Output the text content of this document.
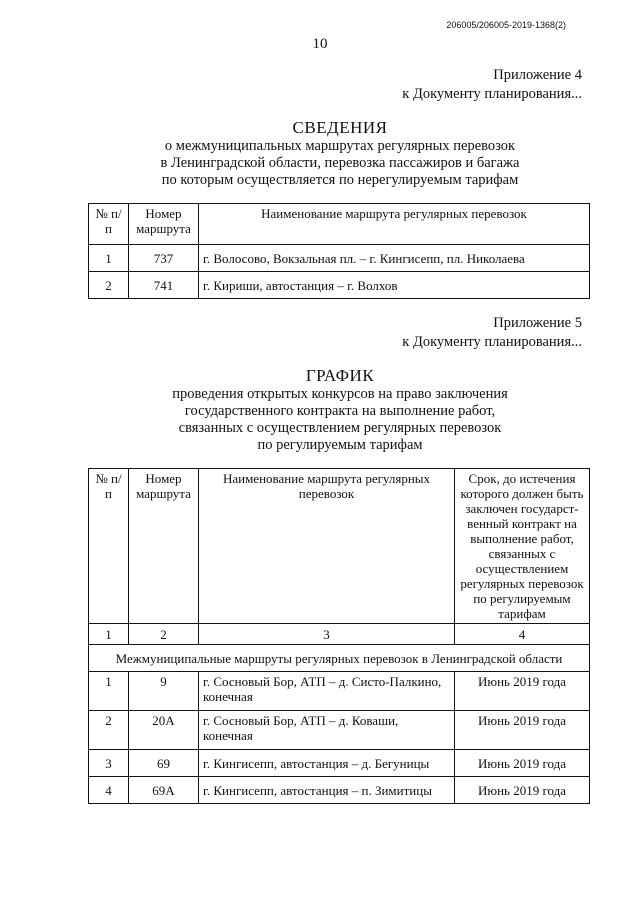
206005/206005-2019-1368(2)
10
Приложение 4
к Документу планирования...
СВЕДЕНИЯ
о межмуниципальных маршрутах регулярных перевозок
в Ленинградской области, перевозка пассажиров и багажа
по которым осуществляется по нерегулируемым тарифам
№ п/п	Номер маршрута	Наименование маршрута регулярных перевозок
1	737	г. Волосово, Вокзальная пл. – г. Кингисепп, пл. Николаева
2	741	г. Кириши, автостанция – г. Волхов
Приложение 5
к Документу планирования...
ГРАФИК
проведения открытых конкурсов на право заключения
государственного контракта на выполнение работ,
связанных с осуществлением регулярных перевозок
по регулируемым тарифам
№ п/п	Номер маршрута	Наименование маршрута регулярных перевозок	Срок, до истечения которого должен быть заключен государст-венный контракт на выполнение работ, связанных с осуществлением регулярных перевозок по регулируемым тарифам
1	2	3	4
Межмуниципальные маршруты регулярных перевозок в Ленинградской области			
1	9	г. Сосновый Бор, АТП – д. Систо-Палкино, конечная	Июнь 2019 года
2	20А	г. Сосновый Бор, АТП – д. Коваши, конечная	Июнь 2019 года
3	69	г. Кингисепп, автостанция – д. Бегуницы	Июнь 2019 года
4	69А	г. Кингисепп, автостанция – п. Зимитицы	Июнь 2019 года
